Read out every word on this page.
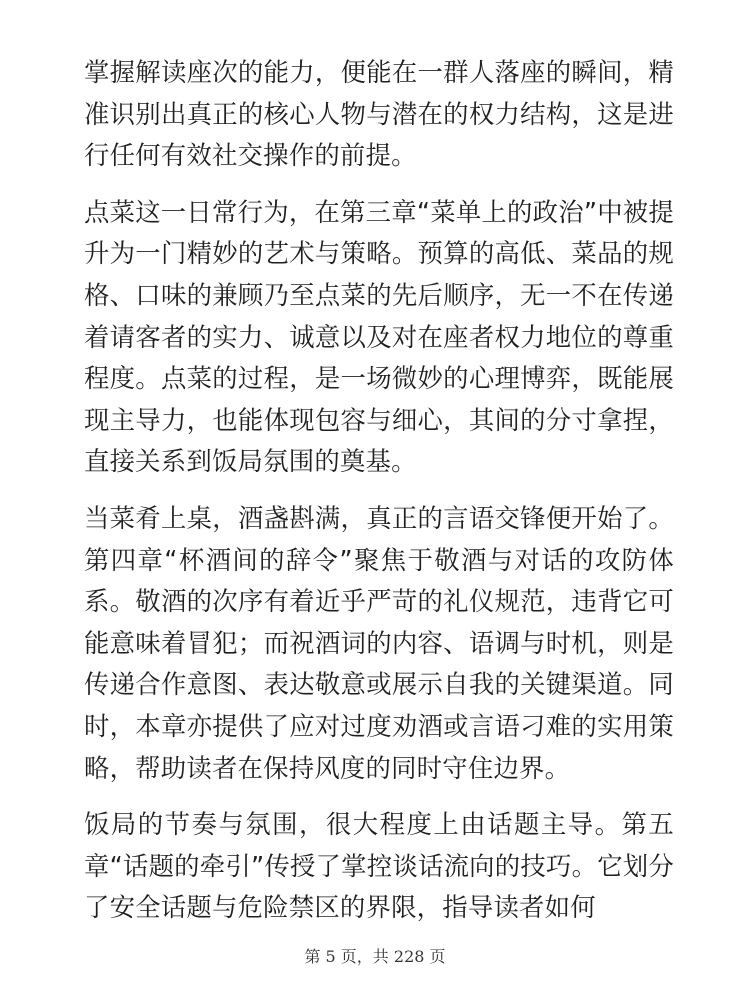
掌握解读座次的能力，便能在一群人落座的瞬间，精准识别出真正的核心人物与潜在的权力结构，这是进行任何有效社交操作的前提。

点菜这一日常行为，在第三章“菜单上的政治”中被提升为一门精妙的艺术与策略。预算的高低、菜品的规格、口味的兼顾乃至点菜的先后顺序，无一不在传递着请客者的实力、诚意以及对在座者权力地位的尊重程度。点菜的过程，是一场微妙的心理博弈，既能展现主导力，也能体现包容与细心，其间的分寸拿捏，直接关系到饭局氛围的奠基。

当菜肴上桌，酒盏斟满，真正的言语交锋便开始了。第四章“杯酒间的辞令”聚焦于敬酒与对话的攻防体系。敬酒的次序有着近乎严苛的礼仪规范，违背它可能意味着冒犯；而祝酒词的内容、语调与时机，则是传递合作意图、表达敬意或展示自我的关键渠道。同时，本章亦提供了应对过度劝酒或言语刁难的实用策略，帮助读者在保持风度的同时守住边界。

饭局的节奏与氛围，很大程度上由话题主导。第五章“话题的牵引”传授了掌控谈话流向的技巧。它划分了安全话题与危险禁区的界限，指导读者如何

第 5 页，共 228 页
